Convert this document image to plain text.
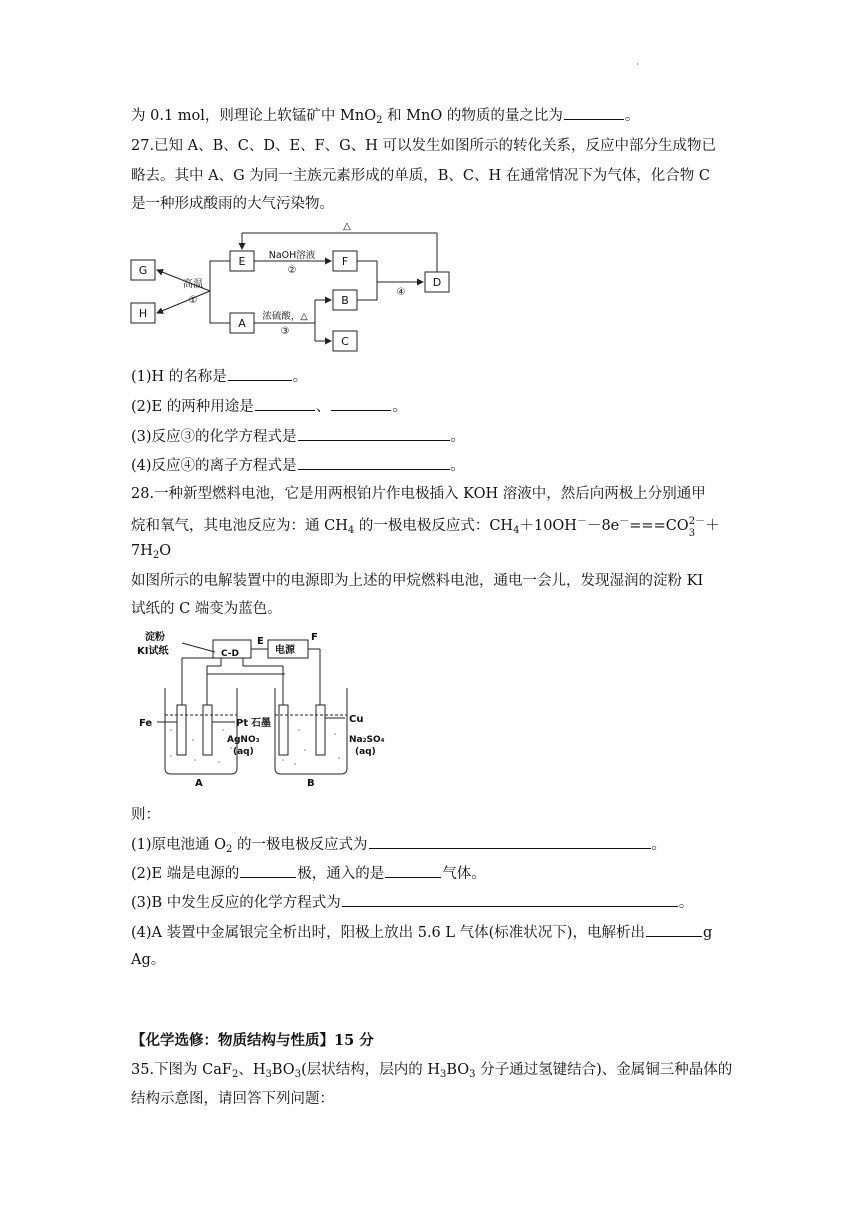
·
为 0.1 mol，则理论上软锰矿中 MnO$_2$ 和 MnO 的物质的量之比为	。
27.已知 A、B、C、D、E、F、G、H 可以发生如图所示的转化关系，反应中部分生成物已
略去。其中 A、G 为同一主族元素形成的单质，B、C、H 在通常情况下为气体，化合物 C
是一种形成酸雨的大气污染物。
G
H
E
A
F
B
C
D
高温
①
NaOH溶液
②
浓硫酸，△
③
④
△
(1)H 的名称是	。
(2)E 的两种用途是	、	。
(3)反应③的化学方程式是	。
(4)反应④的离子方程式是	。
28.一种新型燃料电池，它是用两根铂片作电极插入 KOH 溶液中，然后向两极上分别通甲
烷和氧气，其电池反应为：通 $CH_4$ 的一极电极反应式：$CH_4+10OH^--8e^-===CO$ 2－
3 ＋
$7H_2O$
如图所示的电解装置中的电源即为上述的甲烷燃料电池，通电一会儿，发现湿润的淀粉 KI
试纸的 C 端变为蓝色。
淀粉
KI试纸	C-D
E	F
电源
Fe	Pt 石墨	Cu
AgNO₃
(aq)
Na₂SO₄
(aq)
A	B
则：
(1)原电池通 $O_2$ 的一极电极反应式为	。
(2)E 端是电源的	极，通入的是	气体。
(3)B 中发生反应的化学方程式为	。
(4)A 装置中金属银完全析出时，阳极上放出 5.6 L 气体(标准状况下)，电解析出	g
Ag。
【化学选修：物质结构与性质】15 分
35.下图为 CaF$_2$、$H_3BO_3$(层状结构，层内的 $H_3BO_3$ 分子通过氢键结合)、金属铜三种晶体的
结构示意图，请回答下列问题：
